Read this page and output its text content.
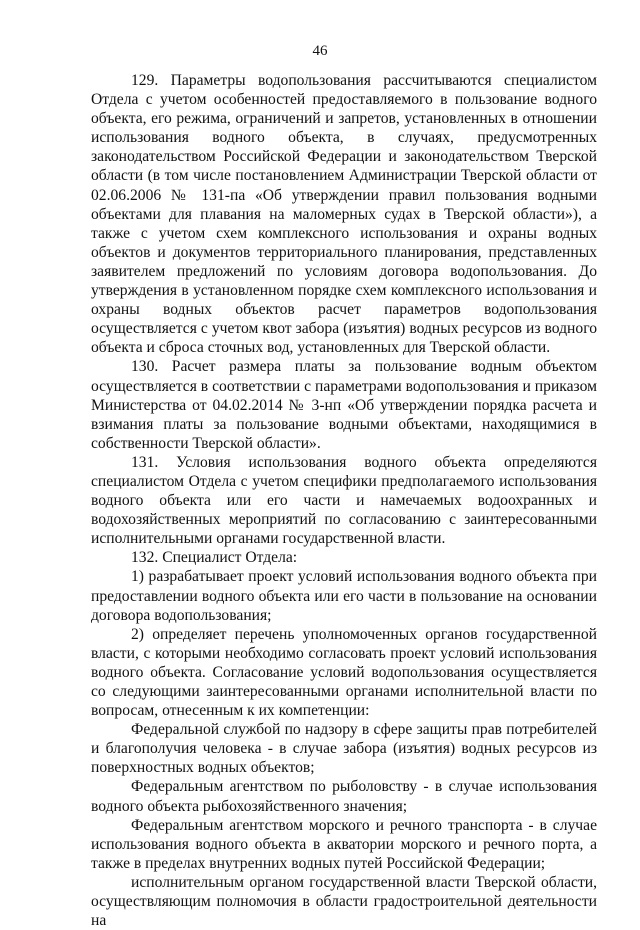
46

129. Параметры водопользования рассчитываются специалистом Отдела с учетом особенностей предоставляемого в пользование водного объекта, его режима, ограничений и запретов, установленных в отношении использования водного объекта, в случаях, предусмотренных законодательством Российской Федерации и законодательством Тверской области (в том числе постановлением Администрации Тверской области от 02.06.2006 № 131-па «Об утверждении правил пользования водными объектами для плавания на маломерных судах в Тверской области»), а также с учетом схем комплексного использования и охраны водных объектов и документов территориального планирования, представленных заявителем предложений по условиям договора водопользования. До утверждения в установленном порядке схем комплексного использования и охраны водных объектов расчет параметров водопользования осуществляется с учетом квот забора (изъятия) водных ресурсов из водного объекта и сброса сточных вод, установленных для Тверской области.

130. Расчет размера платы за пользование водным объектом осуществляется в соответствии с параметрами водопользования и приказом Министерства от 04.02.2014 № 3-нп «Об утверждении порядка расчета и взимания платы за пользование водными объектами, находящимися в собственности Тверской области».

131. Условия использования водного объекта определяются специалистом Отдела с учетом специфики предполагаемого использования водного объекта или его части и намечаемых водоохранных и водохозяйственных мероприятий по согласованию с заинтересованными исполнительными органами государственной власти.

132. Специалист Отдела:

1) разрабатывает проект условий использования водного объекта при предоставлении водного объекта или его части в пользование на основании договора водопользования;

2) определяет перечень уполномоченных органов государственной власти, с которыми необходимо согласовать проект условий использования водного объекта. Согласование условий водопользования осуществляется со следующими заинтересованными органами исполнительной власти по вопросам, отнесенным к их компетенции:

Федеральной службой по надзору в сфере защиты прав потребителей и благополучия человека - в случае забора (изъятия) водных ресурсов из поверхностных водных объектов;

Федеральным агентством по рыболовству - в случае использования водного объекта рыбохозяйственного значения;

Федеральным агентством морского и речного транспорта - в случае использования водного объекта в акватории морского и речного порта, а также в пределах внутренних водных путей Российской Федерации;

исполнительным органом государственной власти Тверской области, осуществляющим полномочия в области градостроительной деятельности на
